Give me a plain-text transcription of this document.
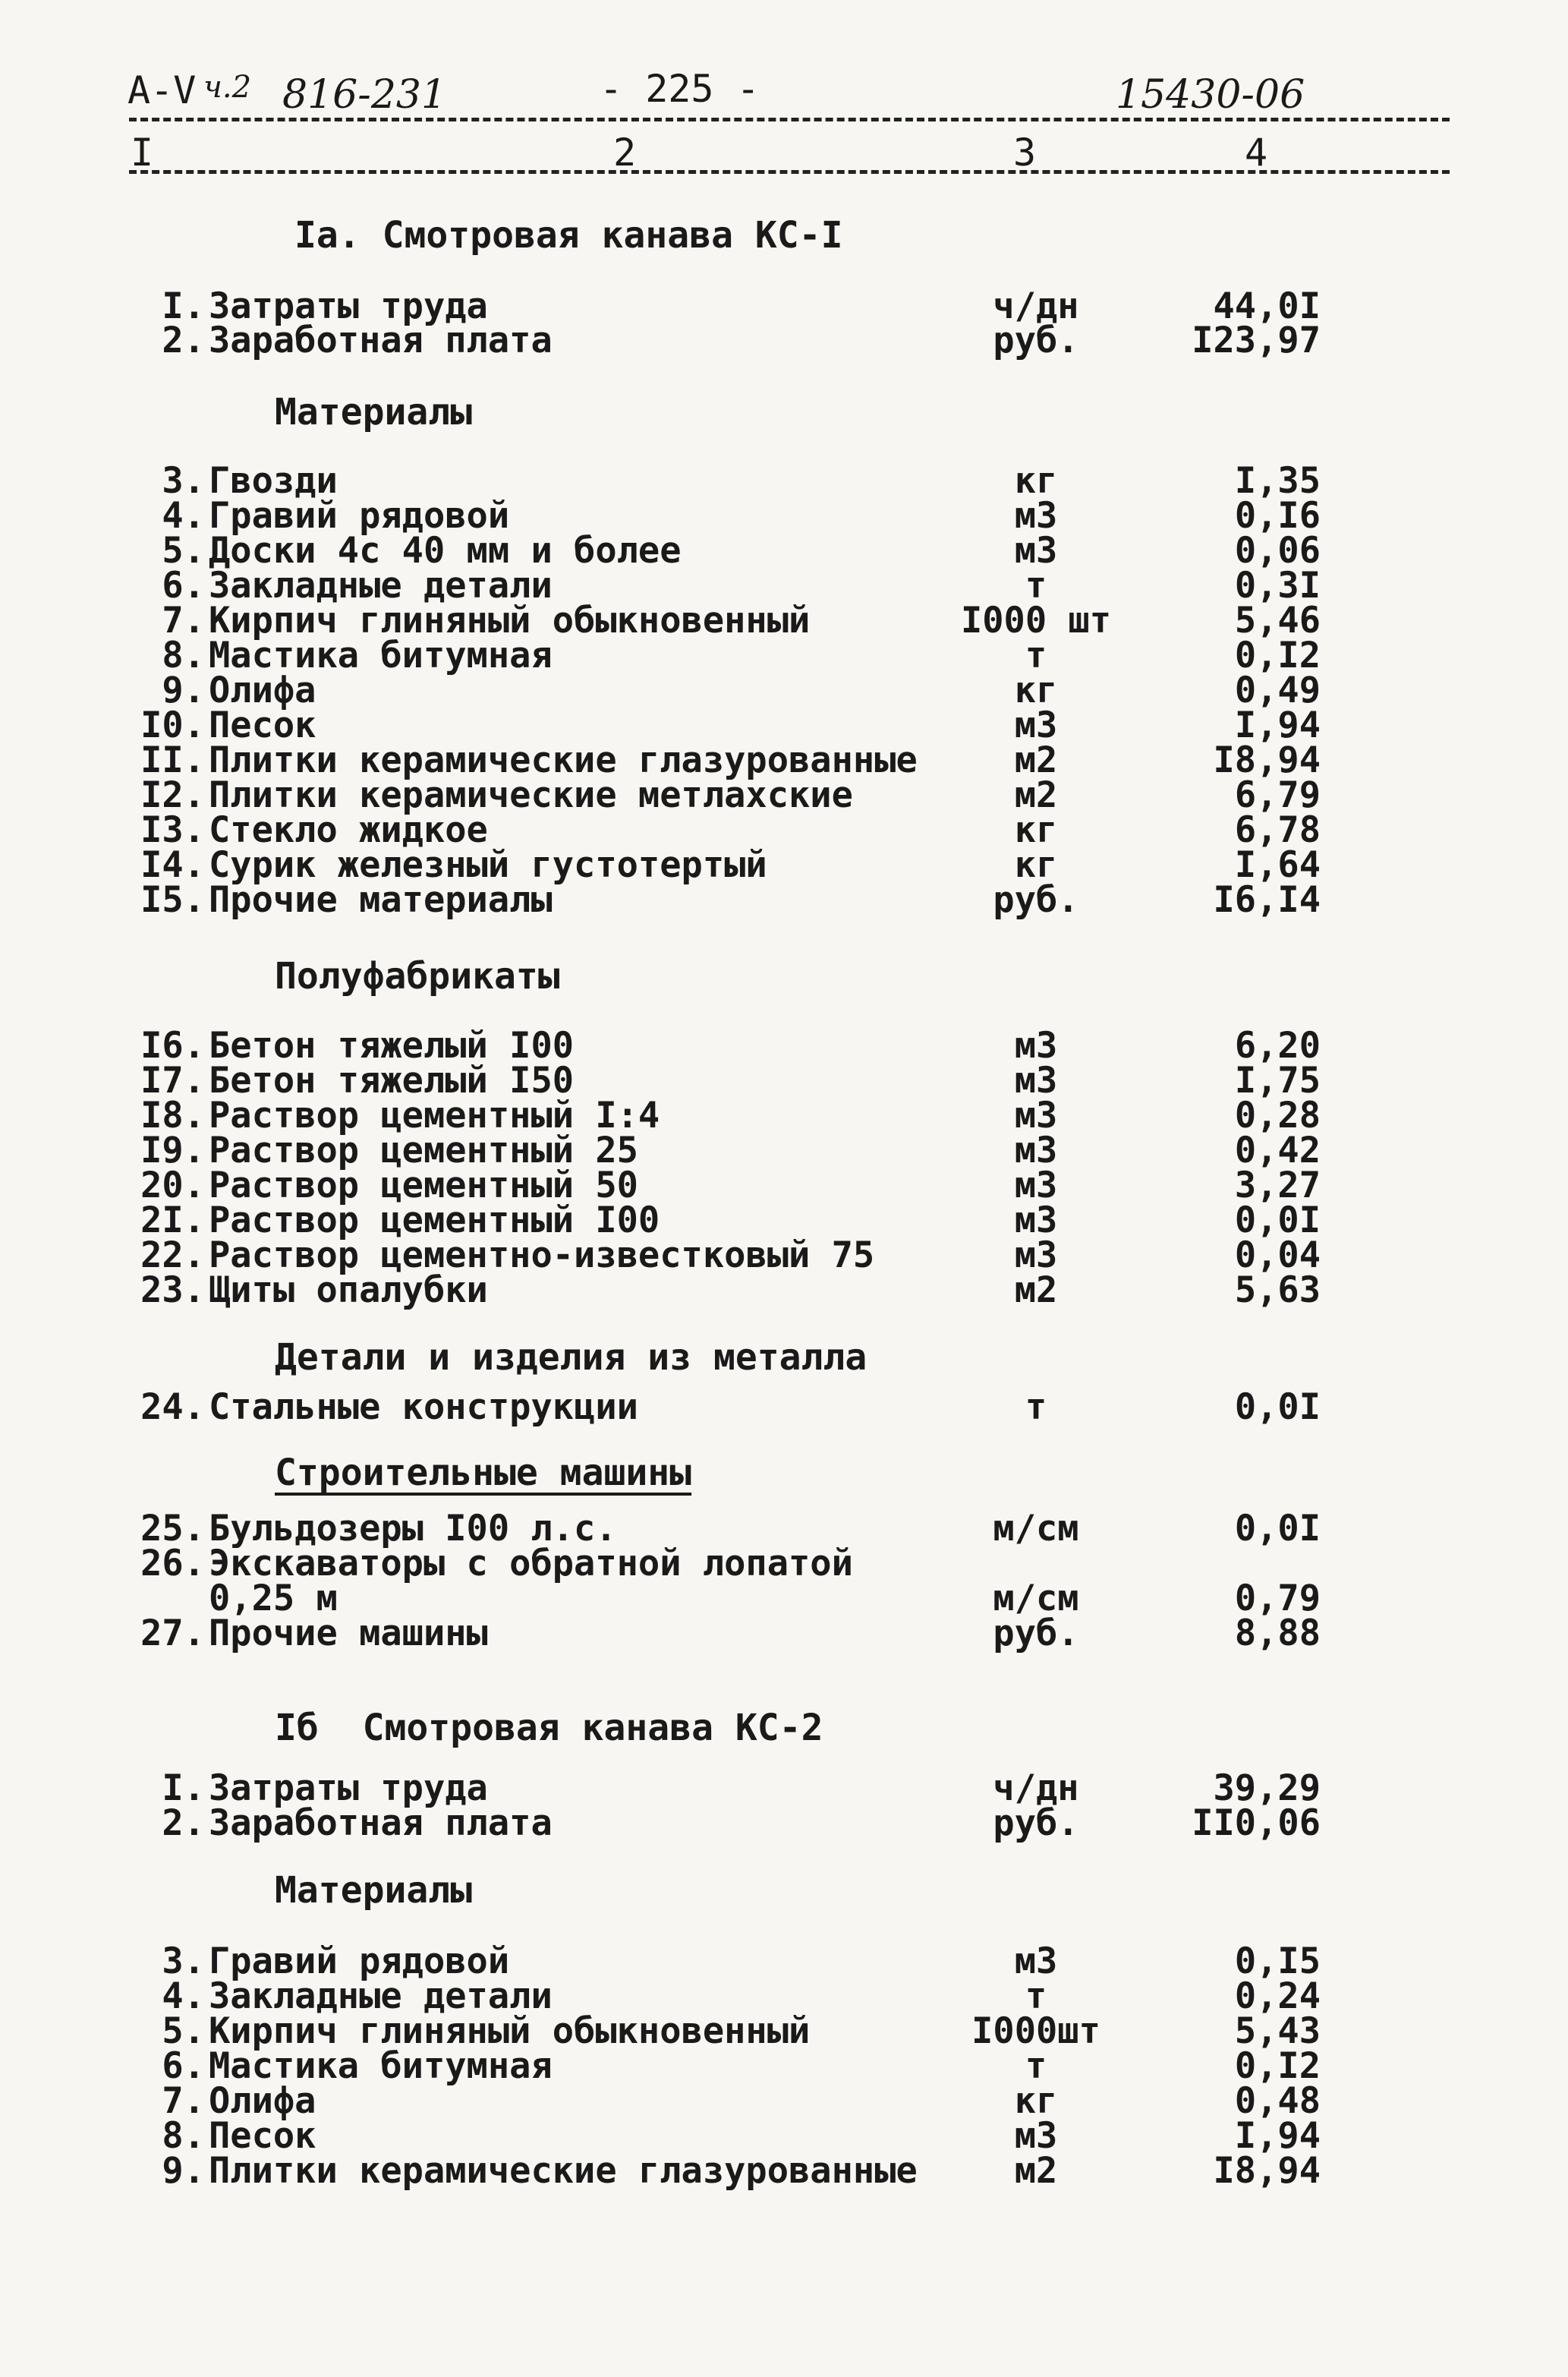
А-V ч.2 816-231	- 225 -	15430-06
I	2	3	4
Iа. Смотровая канава КС-I
Материалы
Полуфабрикаты
Детали и изделия из металла
Строительные машины
Iб  Смотровая канава КС-2
Материалы
I. Затраты труда	ч/дн	44,0I
2. Заработная плата	руб.	I23,97
3. Гвозди	кг	I,35
4. Гравий рядовой	м3	0,I6
5. Доски 4с 40 мм и более	м3	0,06
6. Закладные детали	т	0,3I
7. Кирпич глиняный обыкновенный	I000 шт	5,46
8. Мастика битумная	т	0,I2
9. Олифа	кг	0,49
I0. Песок	м3	I,94
II. Плитки керамические глазурованные	м2	I8,94
I2. Плитки керамические метлахские	м2	6,79
I3. Стекло жидкое	кг	6,78
I4. Сурик железный густотертый	кг	I,64
I5. Прочие материалы	руб.	I6,I4
I6. Бетон тяжелый I00	м3	6,20
I7. Бетон тяжелый I50	м3	I,75
I8. Раствор цементный I:4	м3	0,28
I9. Раствор цементный 25	м3	0,42
20. Раствор цементный 50	м3	3,27
2I. Раствор цементный I00	м3	0,0I
22. Раствор цементно-известковый 75	м3	0,04
23. Щиты опалубки	м2	5,63
24. Стальные конструкции	т	0,0I
25. Бульдозеры I00 л.с.	м/см	0,0I
26. Экскаваторы с обратной лопатой
0,25 м	м/см	0,79
27. Прочие машины	руб.	8,88
I. Затраты труда	ч/дн	39,29
2. Заработная плата	руб.	II0,06
3. Гравий рядовой	м3	0,I5
4. Закладные детали	т	0,24
5. Кирпич глиняный обыкновенный	I000шт	5,43
6. Мастика битумная	т	0,I2
7. Олифа	кг	0,48
8. Песок	м3	I,94
9. Плитки керамические глазурованные	м2	I8,94
